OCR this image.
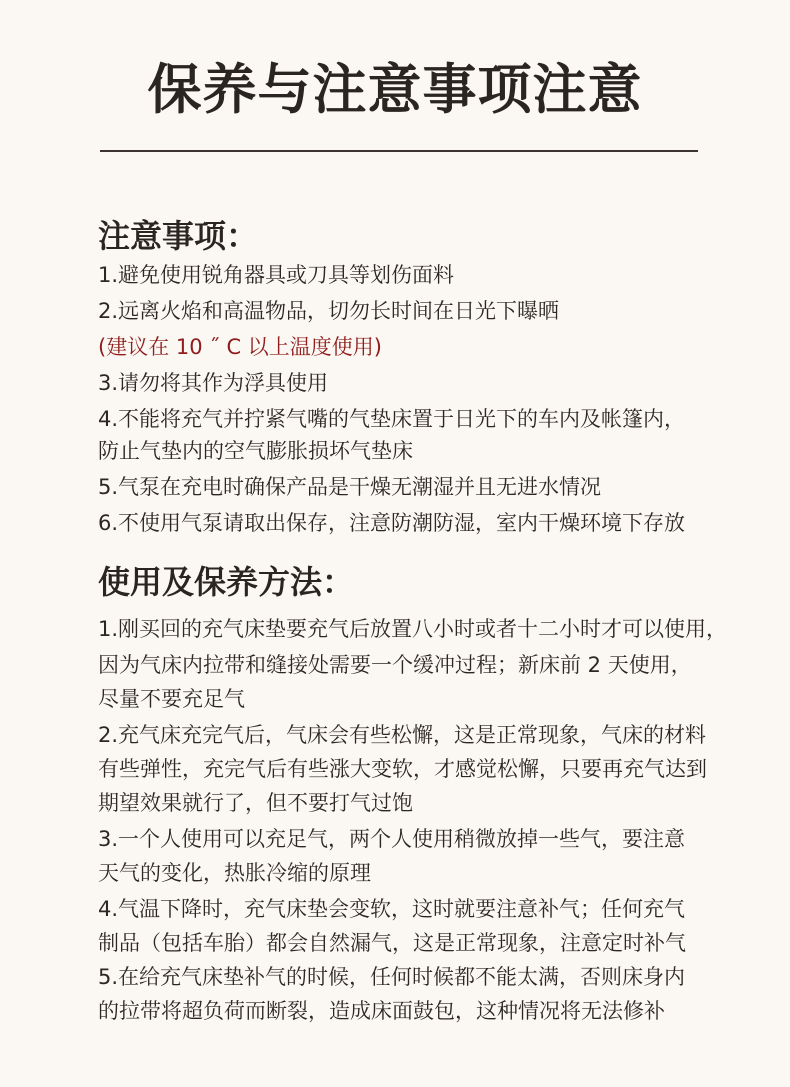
保养与注意事项注意
注意事项：
1.避免使用锐角器具或刀具等划伤面料
2.远离火焰和高温物品，切勿长时间在日光下曝晒
(建议在 10 ˝ C 以上温度使用)
3.请勿将其作为浮具使用
4.不能将充气并拧紧气嘴的气垫床置于日光下的车内及帐篷内，
防止气垫内的空气膨胀损坏气垫床
5.气泵在充电时确保产品是干燥无潮湿并且无进水情况
6.不使用气泵请取出保存，注意防潮防湿，室内干燥环境下存放
使用及保养方法：
1.刚买回的充气床垫要充气后放置八小时或者十二小时才可以使用，
因为气床内拉带和缝接处需要一个缓冲过程；新床前 2 天使用，
尽量不要充足气
2.充气床充完气后，气床会有些松懈，这是正常现象，气床的材料
有些弹性，充完气后有些涨大变软，才感觉松懈，只要再充气达到
期望效果就行了，但不要打气过饱
3.一个人使用可以充足气，两个人使用稍微放掉一些气，要注意
天气的变化，热胀冷缩的原理
4.气温下降时，充气床垫会变软，这时就要注意补气；任何充气
制品（包括车胎）都会自然漏气，这是正常现象，注意定时补气
5.在给充气床垫补气的时候，任何时候都不能太满，否则床身内
的拉带将超负荷而断裂，造成床面鼓包，这种情况将无法修补
